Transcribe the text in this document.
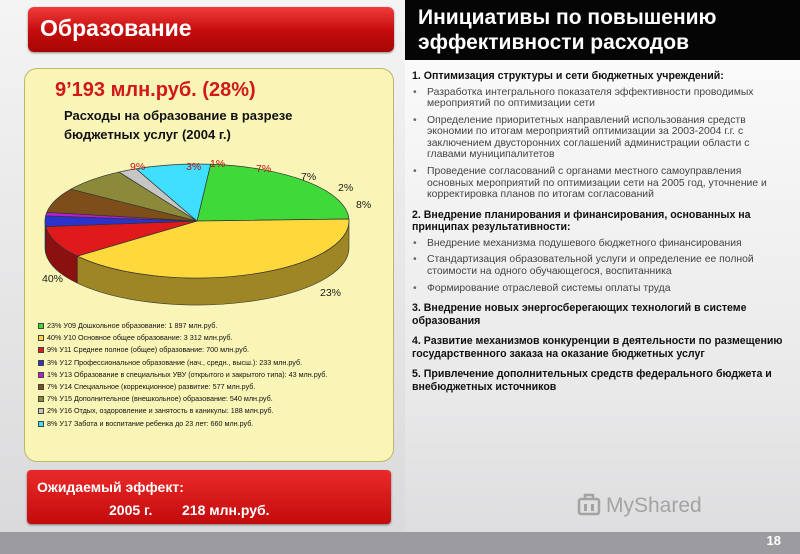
Образование	Инициативы по повышению
эффективности расходов
9’193 млн.руб. (28%)
Расходы на образование в разрезе
бюджетных услуг (2004 г.)
23%
40%
9%	3% 1%	7%
7%
2%
8%
23% У09 Дошкольное образование: 1 897 млн.руб.
40% У10 Основное общее образование: 3 312 млн.руб.
9% У11 Среднее полное (общее) образование: 700 млн.руб.
3% У12 Профессиональное образование (нач., средн., высш.): 233 млн.руб.
1% У13 Образование в специальных УВУ (открытого и закрытого типа): 43 млн.руб.
7% У14 Специальное (коррекционное) развитие: 577 млн.руб.
7% У15 Дополнительное (внешкольное) образование: 540 млн.руб.
2% У16 Отдых, оздоровление и занятость в каникулы: 188 млн.руб.
8% У17 Забота и воспитание ребенка до 23 лет: 660 млн.руб.
Ожидаемый эффект:
2005 г. 218 млн.руб.
1. Оптимизация структуры и сети бюджетных учреждений:
• Разработка интегрального показателя эффективности проводимых мероприятий по оптимизации сети
• Определение приоритетных направлений использования средств экономии по итогам мероприятий оптимизации за 2003-2004 г.г. с заключением двусторонних соглашений администрации области с главами муниципалитетов
• Проведение согласований с органами местного самоуправления основных мероприятий по оптимизации сети на 2005 год, уточнение и корректировка планов по итогам согласований
2. Внедрение планирования и финансирования, основанных на принципах результативности:
• Внедрение механизма подушевого бюджетного финансирования
• Стандартизация образовательной услуги и определение ее полной стоимости на одного обучающегося, воспитанника
• Формирование отраслевой системы оплаты труда
3. Внедрение новых энергосберегающих технологий в системе образования
4. Развитие механизмов конкуренции в деятельности по размещению государственного заказа на оказание бюджетных услуг
5. Привлечение дополнительных средств федерального бюджета и внебюджетных источников
MyShared
18
